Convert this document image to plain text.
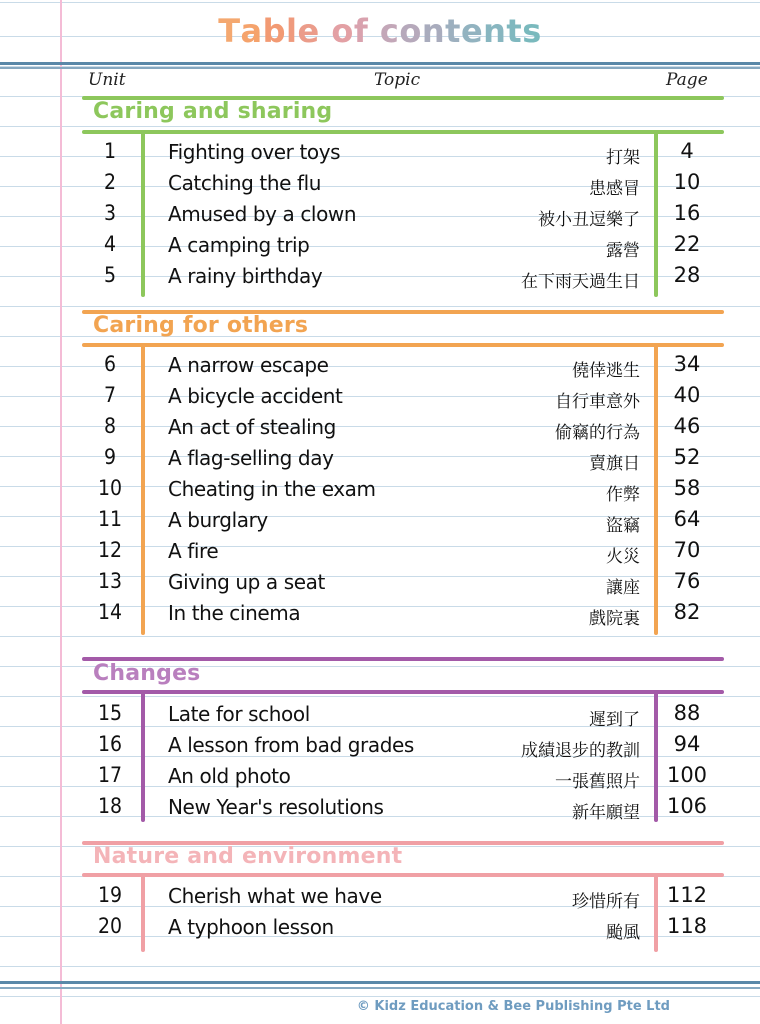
Table of contents
Unit	Topic	Page
Caring and sharing
1	Fighting over toys	打架	4
2	Catching the flu	患感冒	10
3	Amused by a clown	被小丑逗樂了	16
4	A camping trip	露營	22
5	A rainy birthday	在下雨天過生日	28
Caring for others
6	A narrow escape	僥倖逃生	34
7	A bicycle accident	自行車意外	40
8	An act of stealing	偷竊的行為	46
9	A flag-selling day	賣旗日	52
10	Cheating in the exam	作弊	58
11	A burglary	盜竊	64
12	A fire	火災	70
13	Giving up a seat	讓座	76
14	In the cinema	戲院裏	82
Changes
15	Late for school	遲到了	88
16	A lesson from bad grades	成績退步的教訓	94
17	An old photo	一張舊照片	100
18	New Year's resolutions	新年願望	106
Nature and environment
19	Cherish what we have	珍惜所有	112
20	A typhoon lesson	颱風	118
© Kidz Education & Bee Publishing Pte Ltd
